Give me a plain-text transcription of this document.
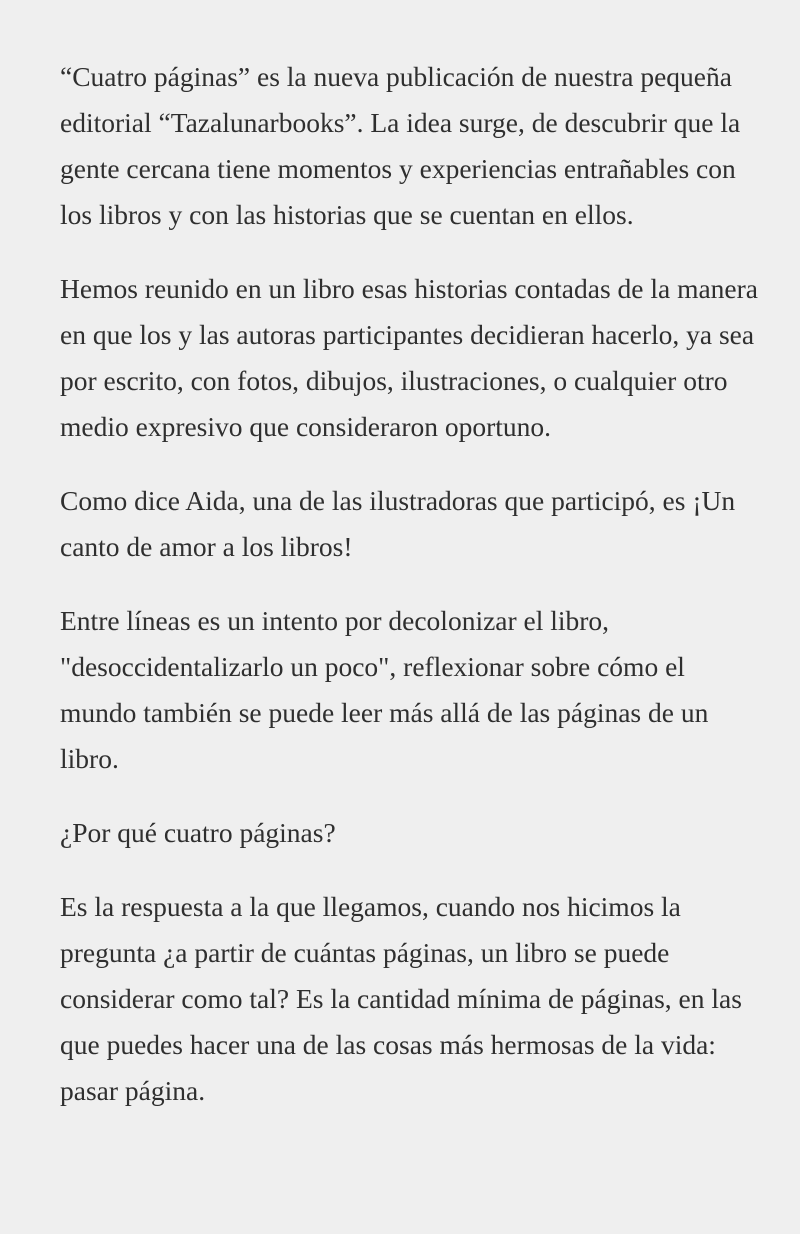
“Cuatro páginas” es la nueva publicación de nuestra pequeña editorial “Tazalunarbooks”. La idea surge, de descubrir que la gente cercana tiene momentos y experiencias entrañables con los libros y con las historias que se cuentan en ellos.

Hemos reunido en un libro esas historias contadas de la manera en que los y las autoras participantes decidieran hacerlo, ya sea por escrito, con fotos, dibujos, ilustraciones, o cualquier otro medio expresivo que consideraron oportuno.

Como dice Aida, una de las ilustradoras que participó, es ¡Un canto de amor a los libros!

Entre líneas es un intento por decolonizar el libro, "desoccidentalizarlo un poco", reflexionar sobre cómo el mundo también se puede leer más allá de las páginas de un libro.

¿Por qué cuatro páginas?

Es la respuesta a la que llegamos, cuando nos hicimos la pregunta ¿a partir de cuántas páginas, un libro se puede considerar como tal? Es la cantidad mínima de páginas, en las que puedes hacer una de las cosas más hermosas de la vida: pasar página.
